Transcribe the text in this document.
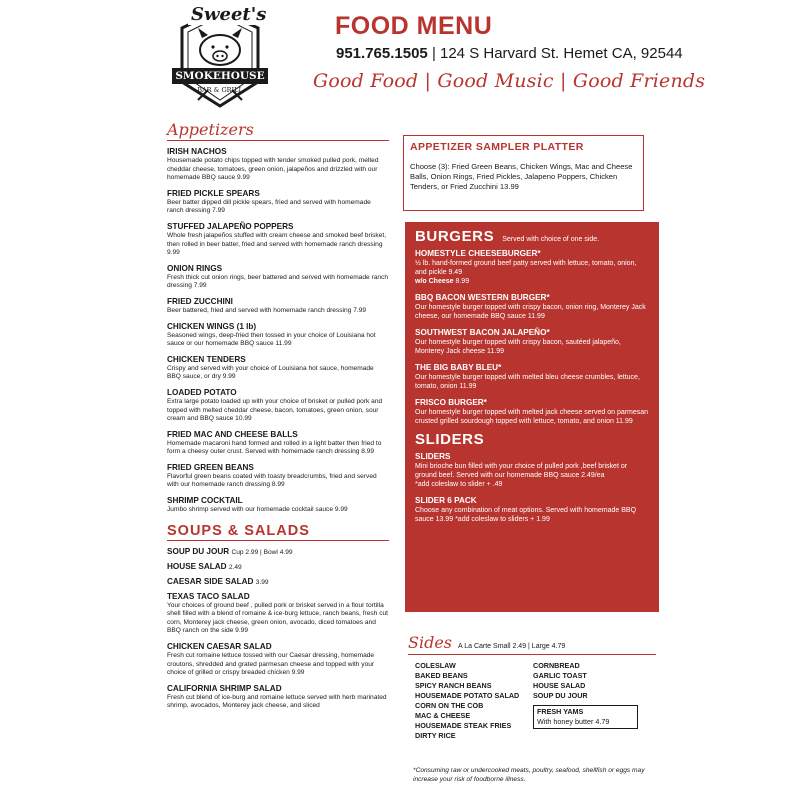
Sweet's
SMOKEHOUSE
BAR & GRILL
FOOD MENU
951.765.1505 | 124 S Harvard St. Hemet CA, 92544
Good Food | Good Music | Good Friends
Appetizers
IRISH NACHOS
Housemade potato chips topped with tender smoked pulled pork, melted cheddar cheese, tomatoes, green onion, jalapeños and drizzled with our homemade BBQ sauce 9.99
FRIED PICKLE SPEARS
Beer batter dipped dill pickle spears, fried and served with homemade ranch dressing 7.99
STUFFED JALAPEÑO POPPERS
Whole fresh jalapeños stuffed with cream cheese and smoked beef brisket, then rolled in beer batter, fried and served with homemade ranch dressing 9.99
ONION RINGS
Fresh thick cut onion rings, beer battered and served with homemade ranch dressing 7.99
FRIED ZUCCHINI
Beer battered, fried and served with homemade ranch dressing 7.99
CHICKEN WINGS (1 lb)
Seasoned wings, deep-fried then tossed in your choice of Louisiana hot sauce or our homemade BBQ sauce 11.99
CHICKEN TENDERS
Crispy and served with your choice of Louisiana hot sauce, homemade BBQ sauce, or dry 9.99
LOADED POTATO
Extra large potato loaded up with your choice of brisket or pulled pork and topped with melted cheddar cheese, bacon, tomatoes, green onion, sour cream and BBQ sauce 10.99
FRIED MAC AND CHEESE BALLS
Homemade macaroni hand formed and rolled in a light batter then fried to form a cheesy outer crust. Served with homemade ranch dressing 8.99
FRIED GREEN BEANS
Flavorful green beans coated with toasty breadcrumbs, fried and served with our homemade ranch dressing 8.99
SHRIMP COCKTAIL
Jumbo shrimp served with our homemade cocktail sauce 9.99
SOUPS & SALADS
SOUP DU JOUR Cup 2.99 | Bowl 4.99
HOUSE SALAD 2.49
CAESAR SIDE SALAD 3.99
TEXAS TACO SALAD
Your choices of ground beef , pulled pork or brisket served in a flour tortilla shell filled with a blend of romaine & ice-burg lettuce, ranch beans, fresh cut corn, Monterey jack cheese, green onion, avocado, diced tomatoes and BBQ ranch on the side 9.99
CHICKEN CAESAR SALAD
Fresh cut romaine lettuce tossed with our Caesar dressing, homemade croutons, shredded and grated parmesan cheese and topped with your choice of grilled or crispy breaded chicken 9.99
CALIFORNIA SHRIMP SALAD
Fresh cut blend of ice-burg and romaine lettuce served with herb marinated shrimp, avocados, Monterey jack cheese, and sliced
APPETIZER SAMPLER PLATTER
Choose (3): Fried Green Beans, Chicken Wings, Mac and Cheese Balls, Onion Rings, Fried Pickles, Jalapeno Poppers, Chicken Tenders, or Fried Zucchini 13.99
BURGERS Served with choice of one side.
HOMESTYLE CHEESEBURGER*
½ lb. hand-formed ground beef patty served with lettuce, tomato, onion, and pickle 9.49
w/o Cheese 8.99
BBQ BACON WESTERN BURGER*
Our homestyle burger topped with crispy bacon, onion ring, Monterey Jack cheese, our homemade BBQ sauce 11.99
SOUTHWEST BACON JALAPEÑO*
Our homestyle burger topped with crispy bacon, sautéed jalapeño, Monterey Jack cheese 11.99
THE BIG BABY BLEU*
Our homestyle burger topped with melted bleu cheese crumbles, lettuce, tomato, onion 11.99
FRISCO BURGER*
Our homestyle burger topped with melted jack cheese served on parmesan crusted grilled sourdough topped with lettuce, tomato, and onion 11.99
SLIDERS
SLIDERS
Mini brioche bun filled with your choice of pulled pork ,beef brisket or ground beef. Served with our homemade BBQ sauce 2.49/ea
*add coleslaw to slider + .49
SLIDER 6 PACK
Choose any combination of meat options. Served with homemade BBQ sauce 13.99 *add coleslaw to sliders + 1.99
Sides A La Carte Small 2.49 | Large 4.79
COLESLAW
BAKED BEANS
SPICY RANCH BEANS
HOUSEMADE POTATO SALAD
CORN ON THE COB
MAC & CHEESE
HOUSEMADE STEAK FRIES
DIRTY RICE
CORNBREAD
GARLIC TOAST
HOUSE SALAD
SOUP DU JOUR
FRESH YAMS
With honey butter 4.79
*Consuming raw or undercooked meats, poultry, seafood, shellfish or eggs may increase your risk of foodborne illness.
